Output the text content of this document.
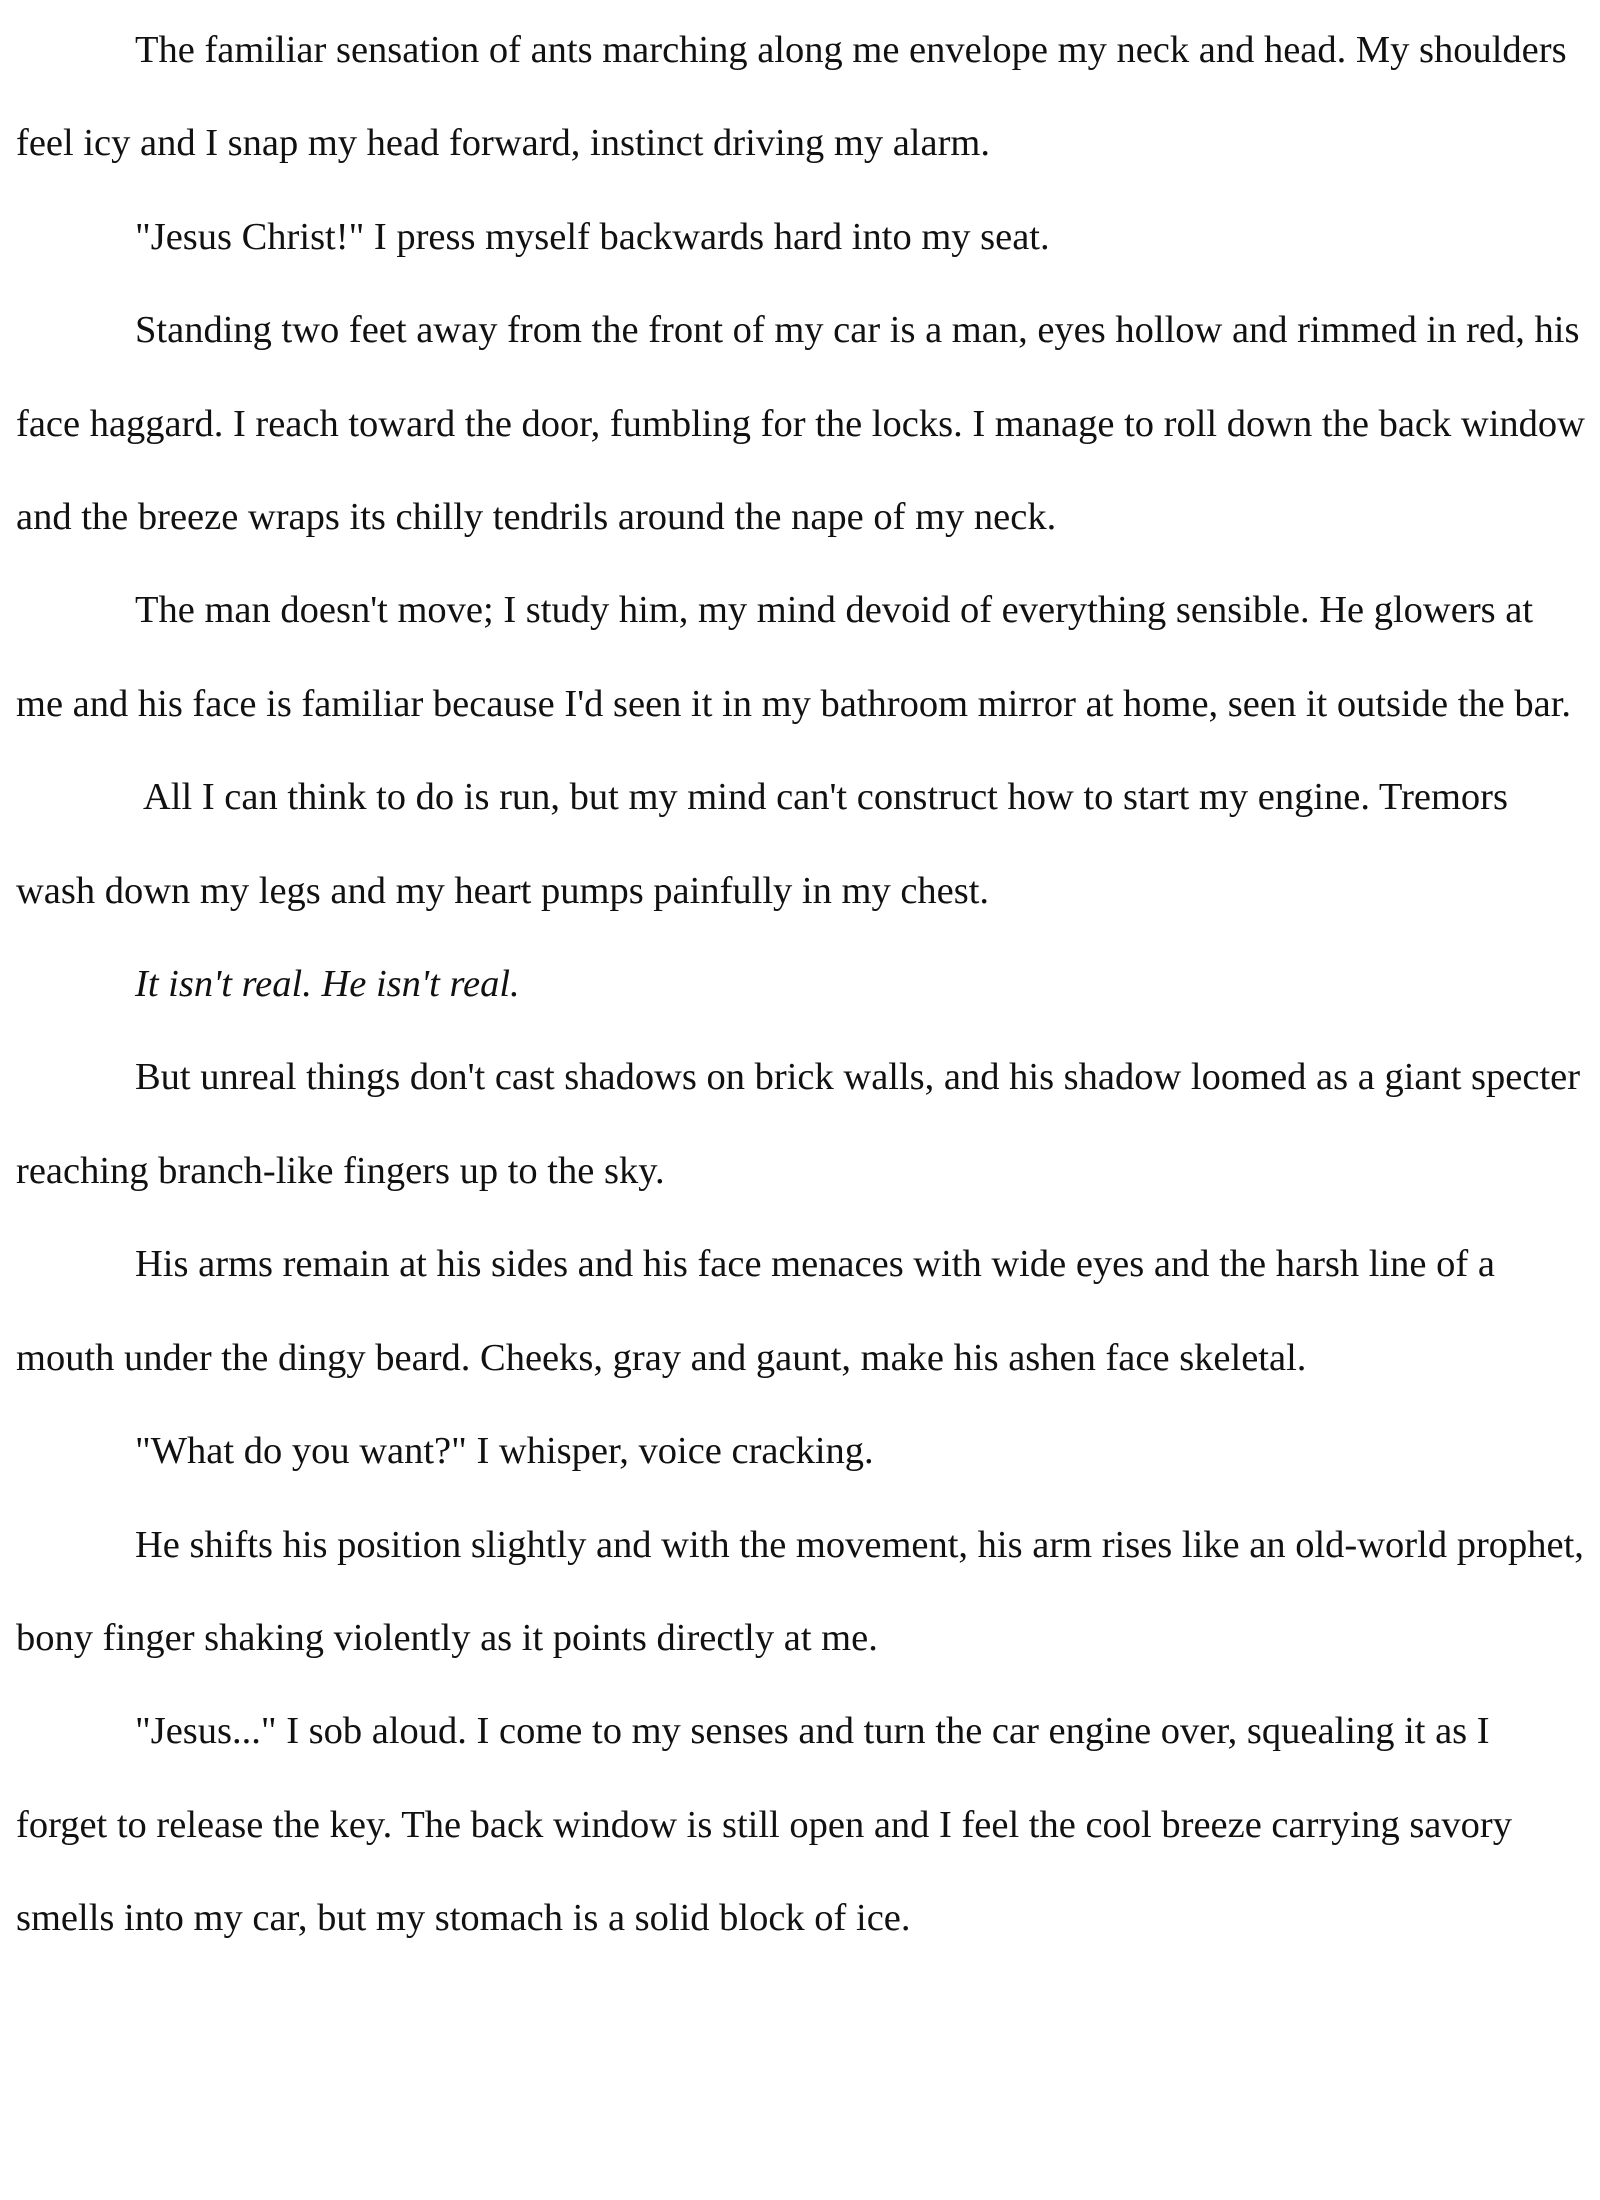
The familiar sensation of ants marching along me envelope my neck and head. My shoulders feel icy and I snap my head forward, instinct driving my alarm.

"Jesus Christ!" I press myself backwards hard into my seat.

Standing two feet away from the front of my car is a man, eyes hollow and rimmed in red, his face haggard. I reach toward the door, fumbling for the locks. I manage to roll down the back window and the breeze wraps its chilly tendrils around the nape of my neck.

The man doesn't move; I study him, my mind devoid of everything sensible. He glowers at me and his face is familiar because I'd seen it in my bathroom mirror at home, seen it outside the bar.

All I can think to do is run, but my mind can't construct how to start my engine. Tremors wash down my legs and my heart pumps painfully in my chest.

It isn't real. He isn't real.

But unreal things don't cast shadows on brick walls, and his shadow loomed as a giant specter reaching branch-like fingers up to the sky.

His arms remain at his sides and his face menaces with wide eyes and the harsh line of a mouth under the dingy beard. Cheeks, gray and gaunt, make his ashen face skeletal.

"What do you want?" I whisper, voice cracking.

He shifts his position slightly and with the movement, his arm rises like an old-world prophet, bony finger shaking violently as it points directly at me.

"Jesus..." I sob aloud. I come to my senses and turn the car engine over, squealing it as I forget to release the key. The back window is still open and I feel the cool breeze carrying savory smells into my car, but my stomach is a solid block of ice.
